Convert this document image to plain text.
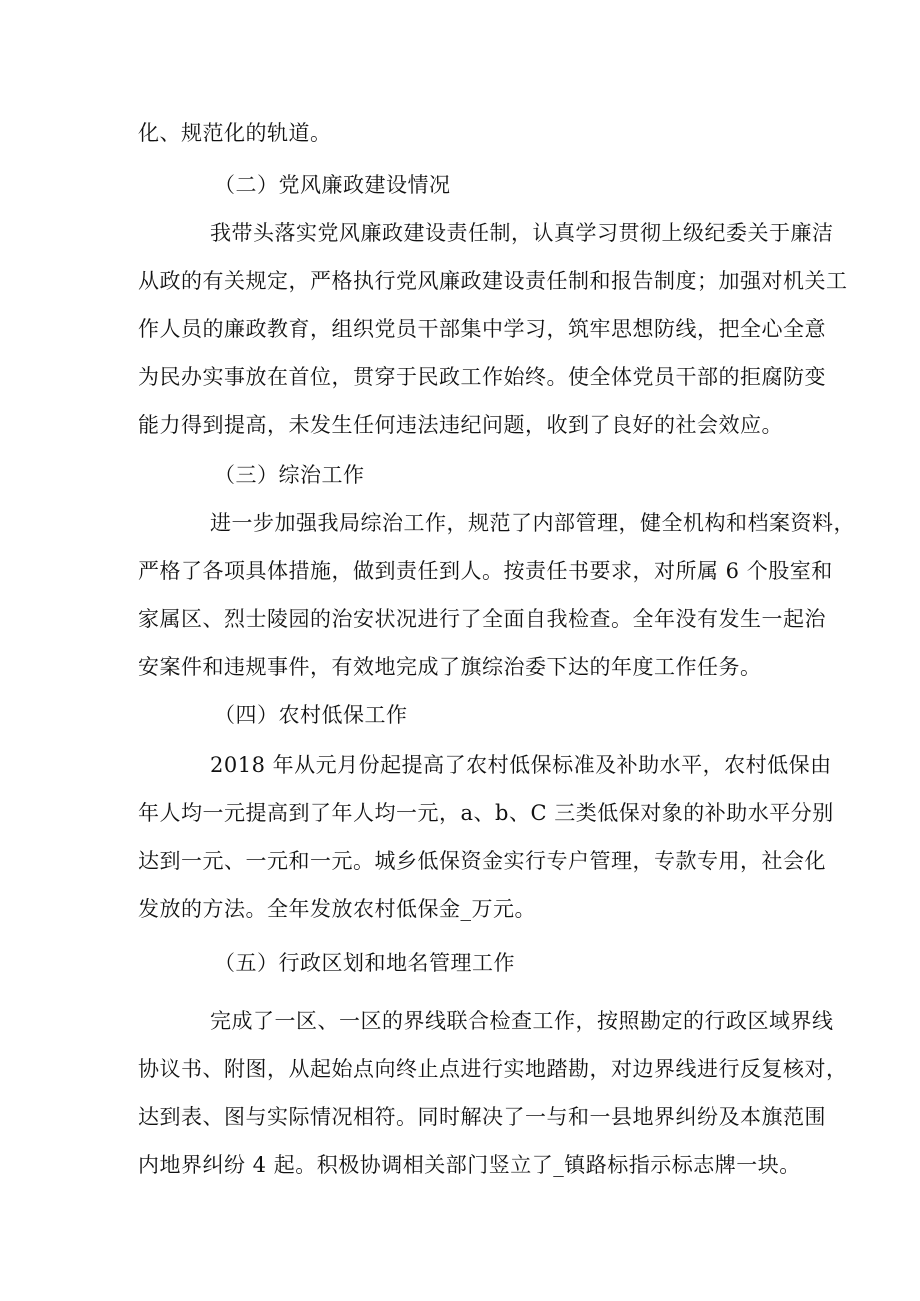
化、规范化的轨道。
（二）党风廉政建设情况
我带头落实党风廉政建设责任制，认真学习贯彻上级纪委关于廉洁
从政的有关规定，严格执行党风廉政建设责任制和报告制度；加强对机关工
作人员的廉政教育，组织党员干部集中学习，筑牢思想防线，把全心全意
为民办实事放在首位，贯穿于民政工作始终。使全体党员干部的拒腐防变
能力得到提高，未发生任何违法违纪问题，收到了良好的社会效应。
（三）综治工作
进一步加强我局综治工作，规范了内部管理，健全机构和档案资料，
严格了各项具体措施，做到责任到人。按责任书要求，对所属 6 个股室和
家属区、烈士陵园的治安状况进行了全面自我检查。全年没有发生一起治
安案件和违规事件，有效地完成了旗综治委下达的年度工作任务。
（四）农村低保工作
2018 年从元月份起提高了农村低保标准及补助水平，农村低保由
年人均一元提高到了年人均一元，a、b、C 三类低保对象的补助水平分别
达到一元、一元和一元。城乡低保资金实行专户管理，专款专用，社会化
发放的方法。全年发放农村低保金_万元。
（五）行政区划和地名管理工作
完成了一区、一区的界线联合检查工作，按照勘定的行政区域界线
协议书、附图，从起始点向终止点进行实地踏勘，对边界线进行反复核对，
达到表、图与实际情况相符。同时解决了一与和一县地界纠纷及本旗范围
内地界纠纷 4 起。积极协调相关部门竖立了_镇路标指示标志牌一块。
